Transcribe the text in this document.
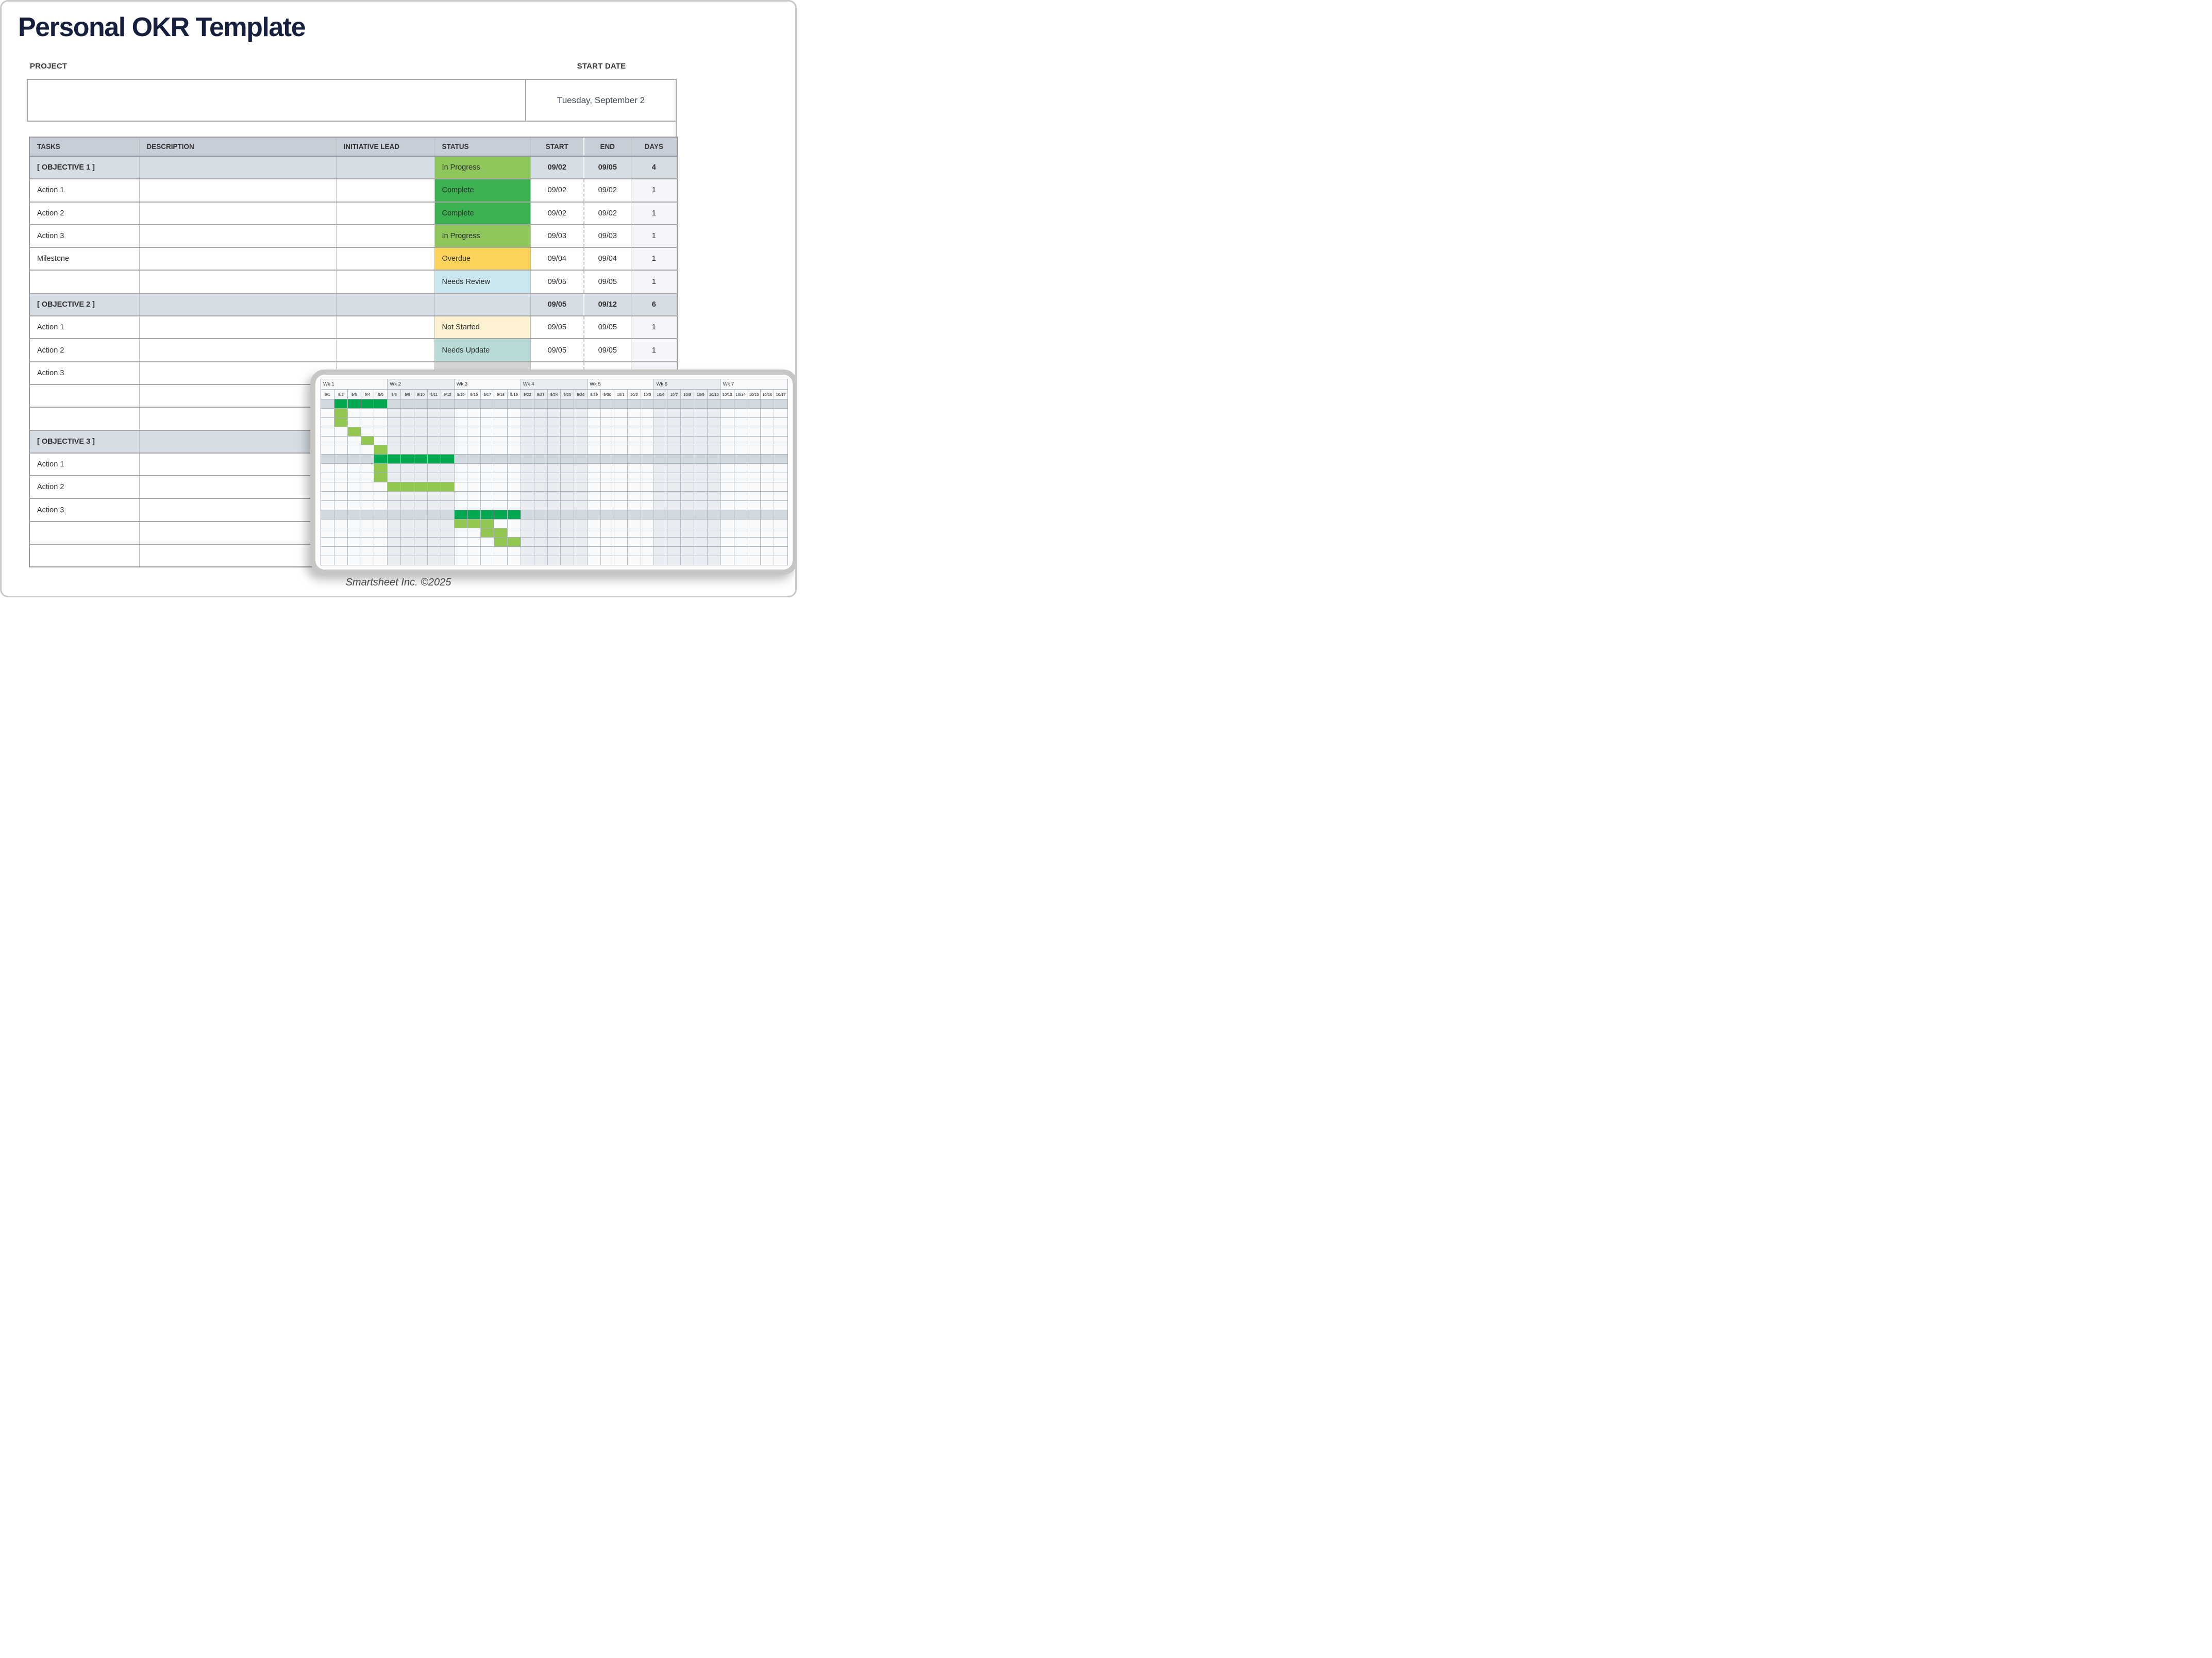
Personal OKR Template
PROJECT	START DATE
Tuesday, September 2
TASKS	DESCRIPTION	INITIATIVE LEAD	STATUS	START	END	DAYS
[ OBJECTIVE 1 ]			In Progress	09/02	09/05	4
Action 1			Complete	09/02	09/02	1
Action 2			Complete	09/02	09/02	1
Action 3			In Progress	09/03	09/03	1
Milestone			Overdue	09/04	09/04	1
			Needs Review	09/05	09/05	1
[ OBJECTIVE 2 ]				09/05	09/12	6
Action 1			Not Started	09/05	09/05	1
Action 2			Needs Update	09/05	09/05	1
Action 3						

[ OBJECTIVE 3 ]						
Action 1						
Action 2						
Action 3						

Wk 1	Wk 2	Wk 3	Wk 4	Wk 5	Wk 6	Wk 7
9/1	9/2	9/3	9/4	9/5	9/8	9/9	9/10	9/11	9/12	9/15	9/16	9/17	9/18	9/19	9/22	9/23	9/24	9/25	9/26	9/29	9/30	10/1	10/2	10/3	10/6	10/7	10/8	10/9	10/10 10/13 10/14 10/15 10/16 10/17
Smartsheet Inc. ©2025
